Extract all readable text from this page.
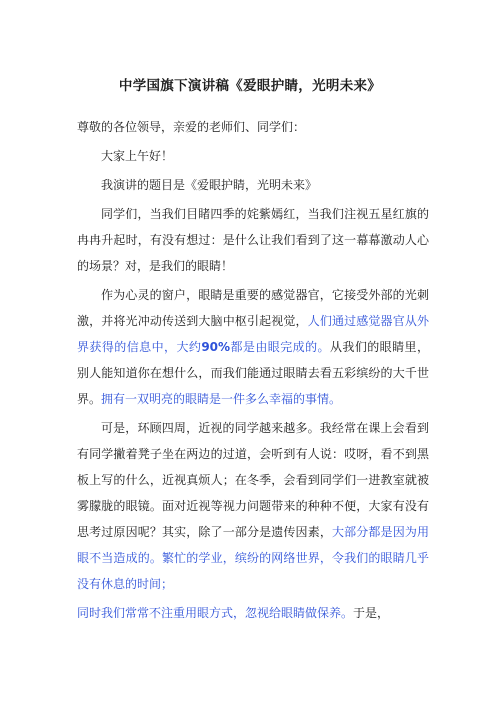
中学国旗下演讲稿《爱眼护睛，光明未来》

尊敬的各位领导，亲爱的老师们、同学们：

大家上午好！

我演讲的题目是《爱眼护睛，光明未来》

同学们，当我们目睹四季的姹紫嫣红，当我们注视五星红旗的冉冉升起时，有没有想过：是什么让我们看到了这一幕幕激动人心的场景？对，是我们的眼睛！

作为心灵的窗户，眼睛是重要的感觉器官，它接受外部的光刺激，并将光冲动传送到大脑中枢引起视觉，人们通过感觉器官从外界获得的信息中，大约90%都是由眼完成的。从我们的眼睛里，别人能知道你在想什么，而我们能通过眼睛去看五彩缤纷的大千世界。拥有一双明亮的眼睛是一件多么幸福的事情。

可是，环顾四周，近视的同学越来越多。我经常在课上会看到有同学撇着凳子坐在两边的过道，会听到有人说：哎呀，看不到黑板上写的什么，近视真烦人；在冬季，会看到同学们一进教室就被雾朦胧的眼镜。面对近视等视力问题带来的种种不便，大家有没有思考过原因呢？其实，除了一部分是遗传因素，大部分都是因为用眼不当造成的。繁忙的学业，缤纷的网络世界，令我们的眼睛几乎没有休息的时间；

同时我们常常不注重用眼方式，忽视给眼睛做保养。于是，
